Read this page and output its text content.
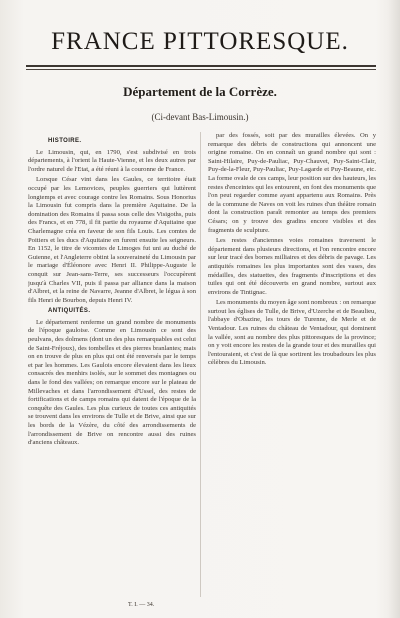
FRANCE PITTORESQUE.
Département de la Corrèze.
(Ci-devant Bas-Limousin.)
HISTOIRE.

Le Limousin, qui, en 1790, s'est subdivisé en trois départements, à l'orient la Haute-Vienne, et les deux autres par l'ordre naturel de l'Etat, a été réuni à la couronne de France.

Lorsque César vint dans les Gaules, ce territoire était occupé par les Lemovices, peuples guerriers qui luttèrent longtemps et avec courage contre les Romains. Sous Honorius la Limousin fut compris dans la première Aquitaine. De la domination des Romains il passa sous celle des Visigoths, puis des Francs, et en 778, il fit partie du royaume d'Aquitaine que Charlemagne créa en faveur de son fils Louis. Les comtes de Poitiers et les ducs d'Aquitaine en furent ensuite les seigneurs. En 1152, le titre de vicomtes de Limoges fut uni au duché de Guienne, et l'Angleterre obtint la souveraineté du Limousin par le mariage d'Éléonore avec Henri II. Philippe-Auguste le conquit sur Jean-sans-Terre, ses successeurs l'occupèrent jusqu'à Charles VII, puis il passa par alliance dans la maison d'Albret, et la reine de Navarre, Jeanne d'Albret, le légua à son fils Henri de Bourbon, depuis Henri IV.

ANTIQUITÉS.

Le département renferme un grand nombre de monuments de l'époque gauloise. Comme en Limousin ce sont des peulvans, des dolmens (dont un des plus remarquables est celui de Saint-Fréjoux), des tombelles et des pierres branlantes; mais on en trouve de plus en plus qui ont été renversés par le temps et par les hommes. Les Gaulois encore élevaient dans les lieux consacrés des menhirs isolés, sur le sommet des montagnes ou dans le fond des vallées; on remarque encore sur le plateau de Millevaches et dans l'arrondissement d'Ussel, des restes de fortifications et de camps romains qui datent de l'époque de la conquête des Gaules. Les plus curieux de toutes ces antiquités se trouvent dans les environs de Tulle et de Brive, ainsi que sur les bords de la Vézère, du côté des arrondissements de l'arrondissement de Brive on rencontre aussi des ruines d'anciens châteaux.

par des fossés, soit par des murailles élevées. On y remarque des débris de constructions qui annoncent une origine romaine. On en connaît un grand nombre qui sont : Saint-Hilaire, Puy-de-Pauliac, Puy-Chauvet, Puy-Saint-Clair, Puy-de-la-Fleur, Puy-Pauliac, Puy-Lagarde et Puy-Beaune, etc. La forme ovale de ces camps, leur position sur des hauteurs, les restes d'enceintes qui les entourent, en font des monuments que l'on peut regarder comme ayant appartenu aux Romains. Près de la commune de Naves on voit les ruines d'un théâtre romain dont la construction paraît remonter au temps des premiers Césars; on y trouve des gradins encore visibles et des fragments de sculpture.

Les restes d'anciennes voies romaines traversent le département dans plusieurs directions, et l'on rencontre encore sur leur tracé des bornes milliaires et des débris de pavage. Les antiquités romaines les plus importantes sont des vases, des médailles, des statuettes, des fragments d'inscriptions et des tuiles qui ont été découverts en grand nombre, surtout aux environs de Tintignac.

Les monuments du moyen âge sont nombreux : on remarque surtout les églises de Tulle, de Brive, d'Uzerche et de Beaulieu, l'abbaye d'Obazine, les tours de Turenne, de Merle et de Ventadour. Les ruines du château de Ventadour, qui dominent la vallée, sont au nombre des plus pittoresques de la province; on y voit encore les restes de la grande tour et des murailles qui l'entouraient, et c'est de là que sortirent les troubadours les plus célèbres du Limousin.

T. I. — 34.
